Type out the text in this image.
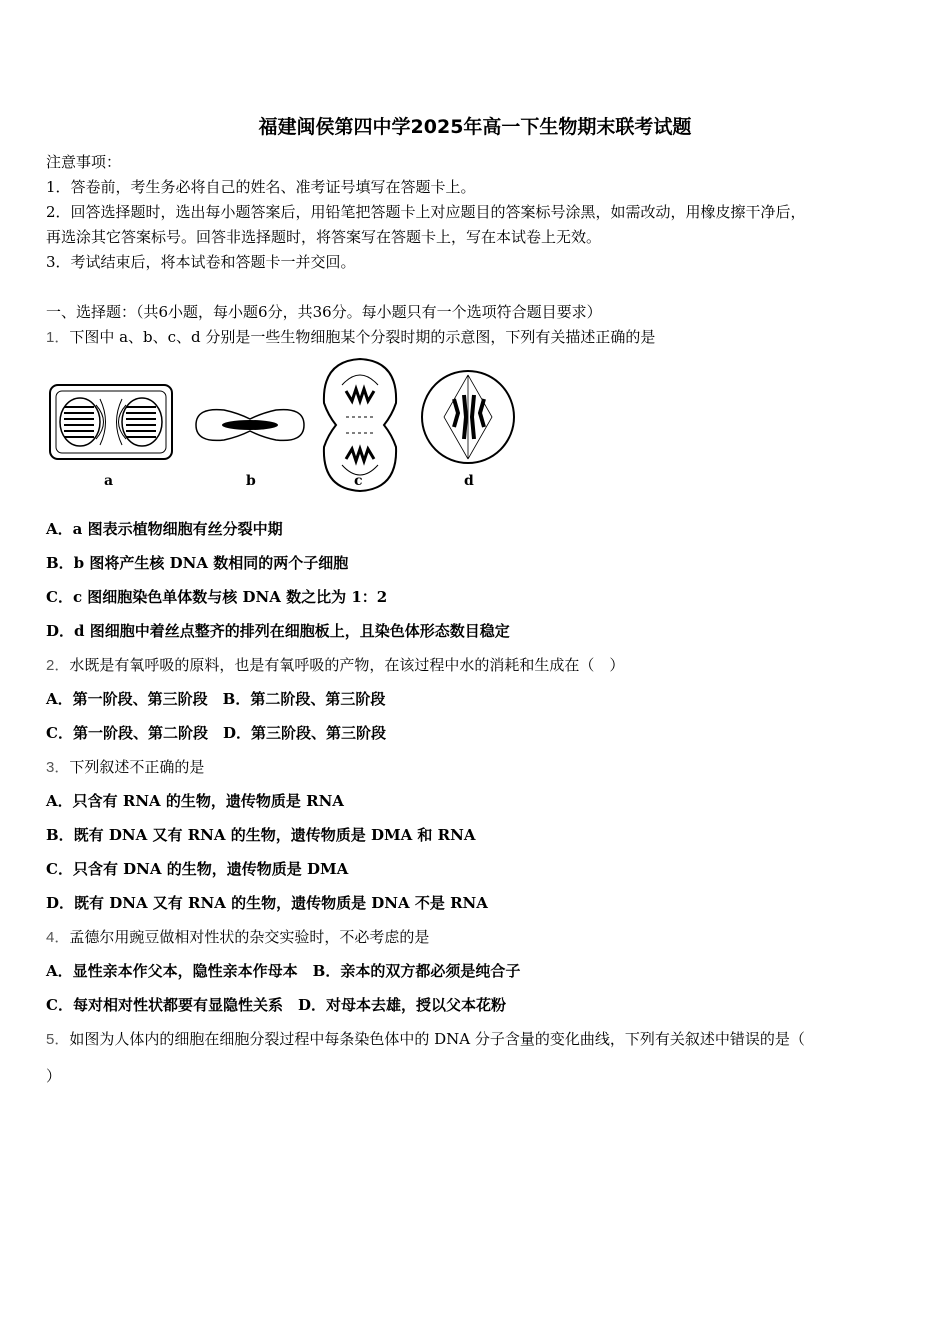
福建闽侯第四中学2025年高一下生物期末联考试题
注意事项：
1．答卷前，考生务必将自己的姓名、准考证号填写在答题卡上。
2．回答选择题时，选出每小题答案后，用铅笔把答题卡上对应题目的答案标号涂黑，如需改动，用橡皮擦干净后，
再选涂其它答案标号。回答非选择题时，将答案写在答题卡上，写在本试卷上无效。
3．考试结束后，将本试卷和答题卡一并交回。
一、选择题：（共6小题，每小题6分，共36分。每小题只有一个选项符合题目要求）
1．下图中 a、b、c、d 分别是一些生物细胞某个分裂时期的示意图，下列有关描述正确的是
a	b	c	d
A．a 图表示植物细胞有丝分裂中期
B．b 图将产生核 DNA 数相同的两个子细胞
C．c 图细胞染色单体数与核 DNA 数之比为 1：2
D．d 图细胞中着丝点整齐的排列在细胞板上，且染色体形态数目稳定
2．水既是有氧呼吸的原料，也是有氧呼吸的产物，在该过程中水的消耗和生成在（　）
A．第一阶段、第三阶段　B．第二阶段、第三阶段
C．第一阶段、第二阶段　D．第三阶段、第三阶段
3．下列叙述不正确的是
A．只含有 RNA 的生物，遗传物质是 RNA
B．既有 DNA 又有 RNA 的生物，遗传物质是 DMA 和 RNA
C．只含有 DNA 的生物，遗传物质是 DMA
D．既有 DNA 又有 RNA 的生物，遗传物质是 DNA 不是 RNA
4．孟德尔用豌豆做相对性状的杂交实验时，不必考虑的是
A．显性亲本作父本，隐性亲本作母本　B．亲本的双方都必须是纯合子
C．每对相对性状都要有显隐性关系　D．对母本去雄，授以父本花粉
5．如图为人体内的细胞在细胞分裂过程中每条染色体中的 DNA 分子含量的变化曲线，下列有关叙述中错误的是（
）
